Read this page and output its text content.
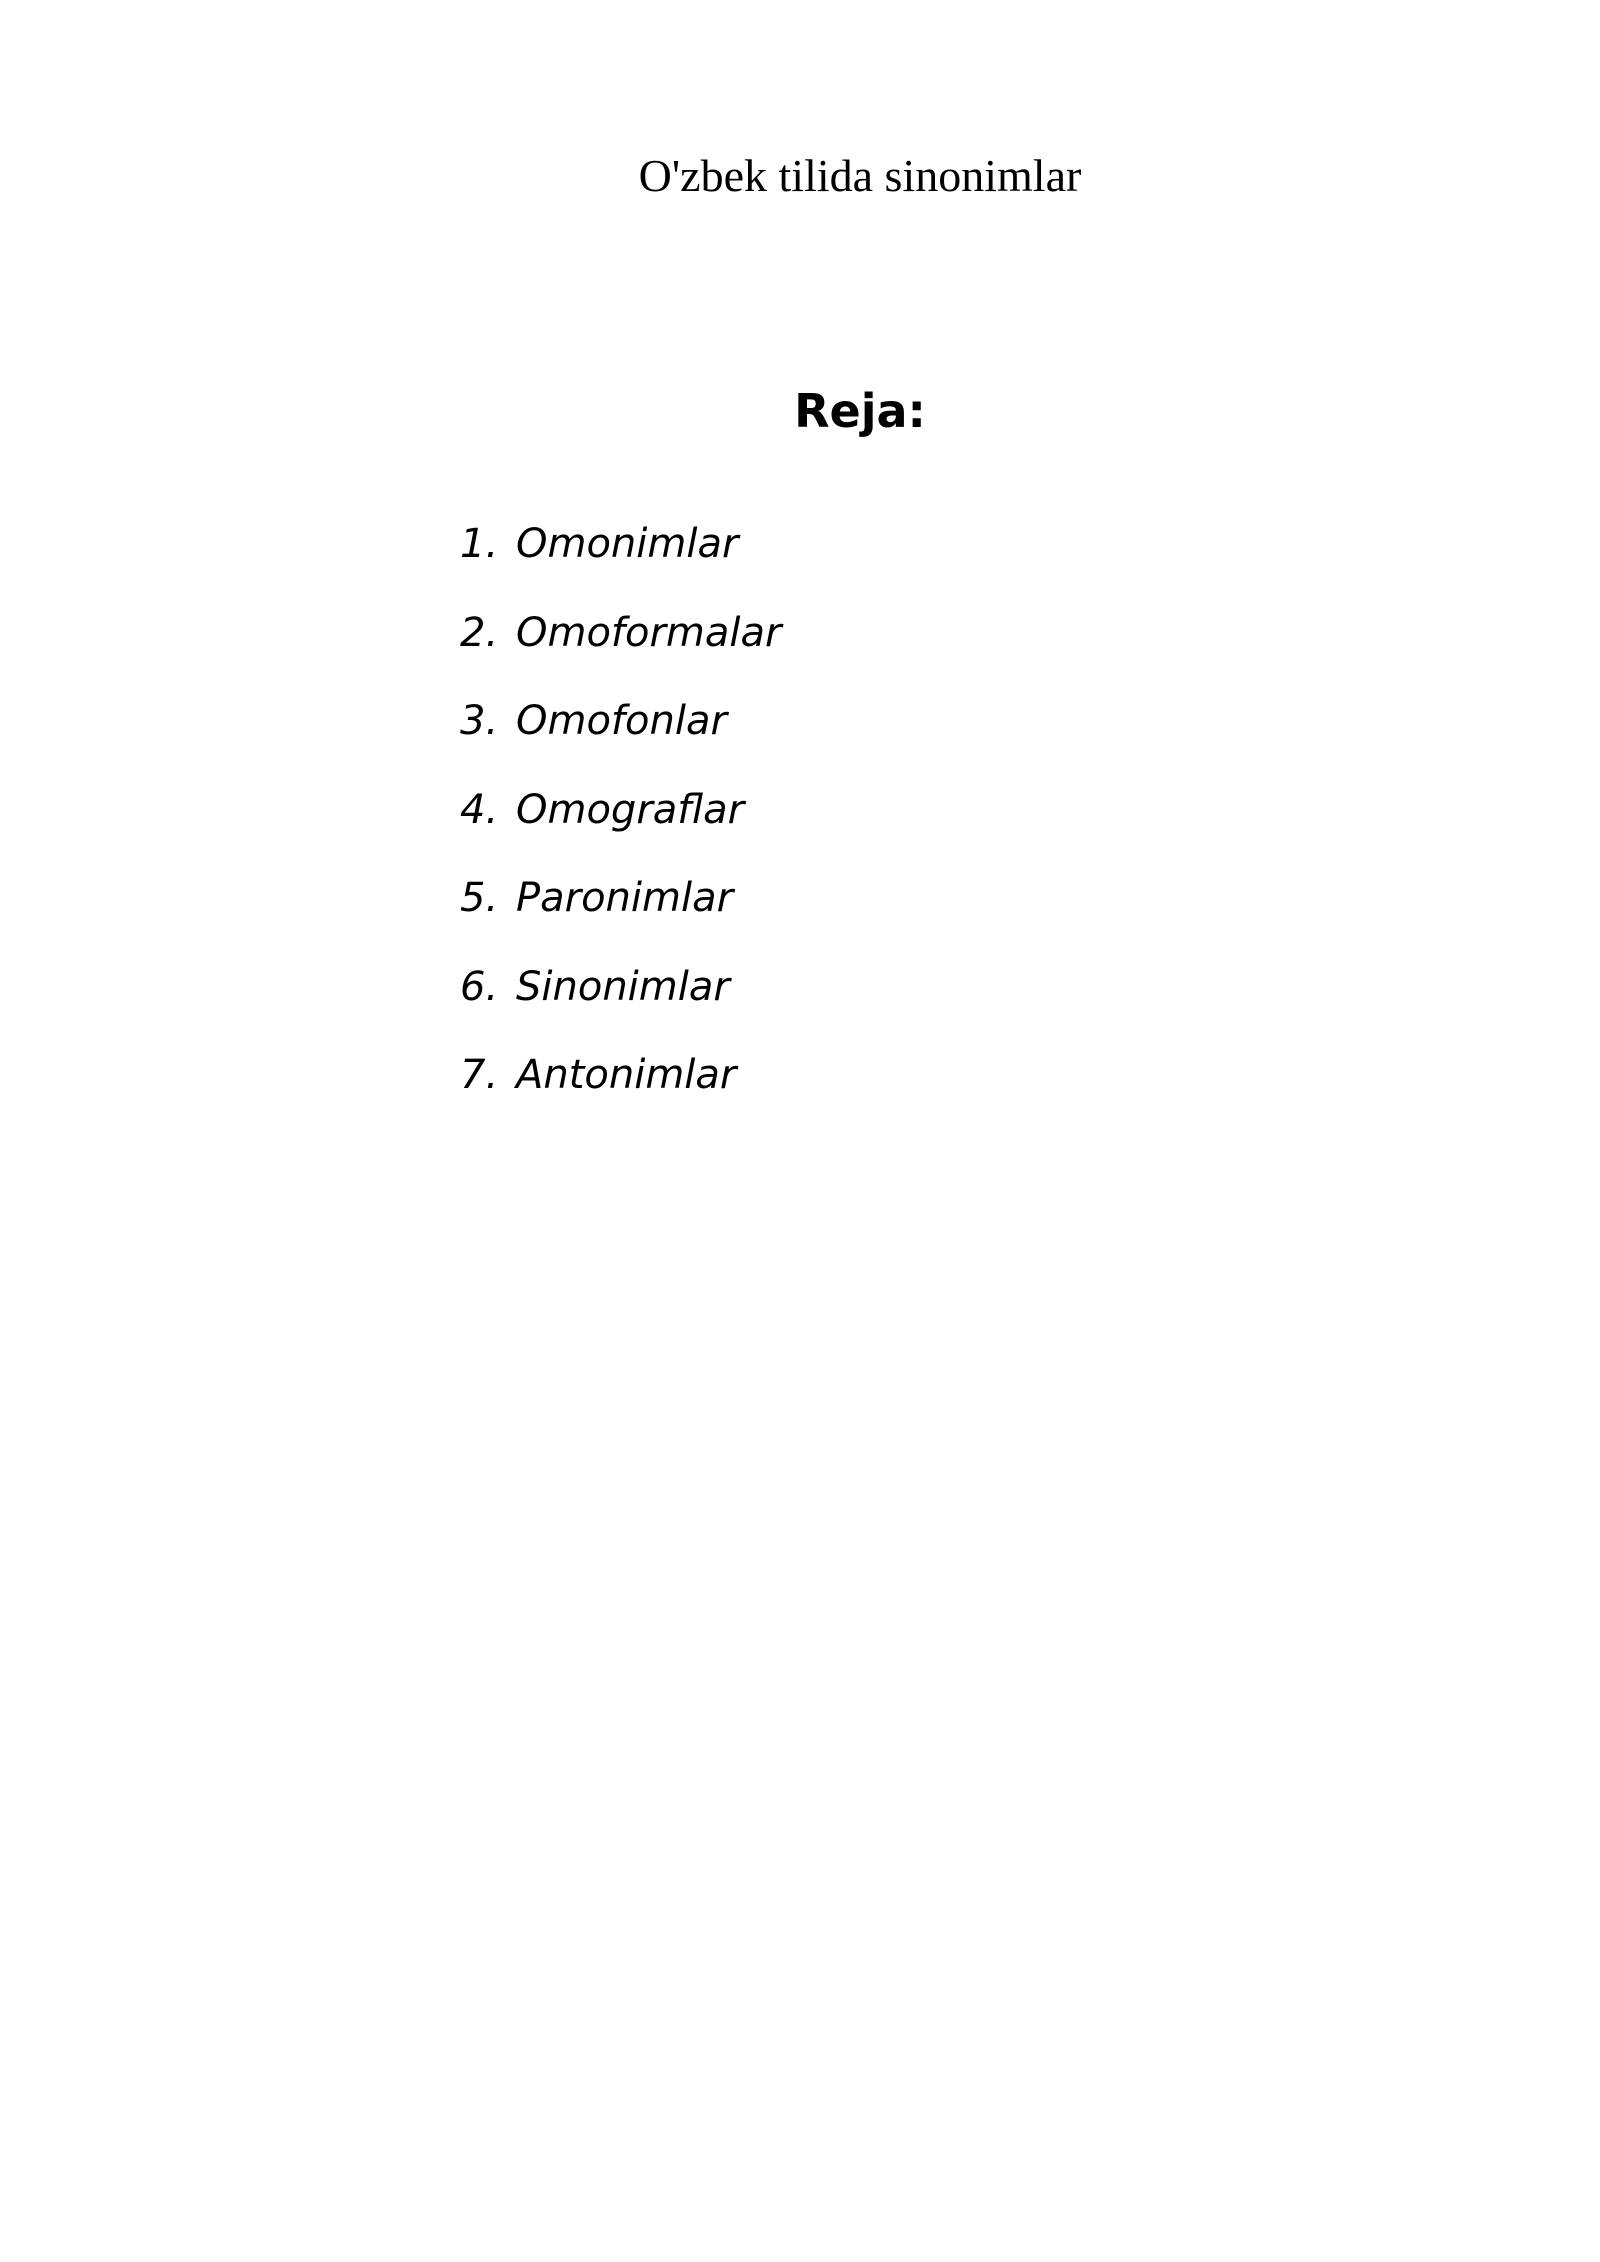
O'zbek tilida sinonimlar
Reja:
1. Omonimlar
2. Omoformalar
3. Omofonlar
4. Omograflar
5. Paronimlar
6. Sinonimlar
7. Antonimlar
